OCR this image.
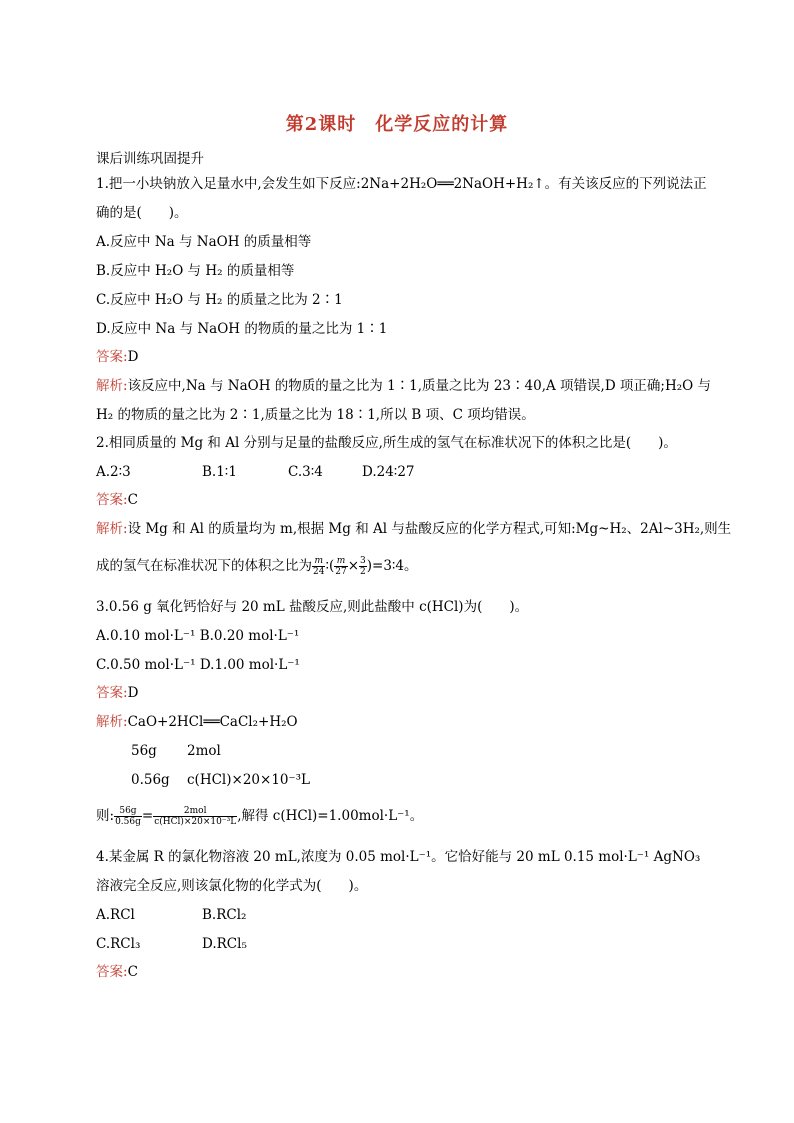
第2课时　化学反应的计算
课后训练巩固提升
1.把一小块钠放入足量水中,会发生如下反应:2Na+2H₂O══2NaOH+H₂↑。有关该反应的下列说法正
确的是(　　)。
A.反应中 Na 与 NaOH 的质量相等
B.反应中 H₂O 与 H₂ 的质量相等
C.反应中 H₂O 与 H₂ 的质量之比为 2∶1
D.反应中 Na 与 NaOH 的物质的量之比为 1∶1
答案:D
解析:该反应中,Na 与 NaOH 的物质的量之比为 1∶1,质量之比为 23∶40,A 项错误,D 项正确;H₂O 与
H₂ 的物质的量之比为 2∶1,质量之比为 18∶1,所以 B 项、C 项均错误。
2.相同质量的 Mg 和 Al 分别与足量的盐酸反应,所生成的氢气在标准状况下的体积之比是(　　)。
A.2∶3	B.1∶1	C.3∶4	D.24∶27
答案:C
解析:设 Mg 和 Al 的质量均为 m,根据 Mg 和 Al 与盐酸反应的化学方程式,可知:Mg~H₂、2Al~3H₂,则生
成的氢气在标准状况下的体积之比为 $\frac{m}{24}$ ∶( $\frac{m}{27} \times \frac{3}{2}$ )=3∶4。
3.0.56 g 氧化钙恰好与 20 mL 盐酸反应,则此盐酸中 c(HCl)为(　　)。
A.0.10 mol·L⁻¹ B.0.20 mol·L⁻¹
C.0.50 mol·L⁻¹ D.1.00 mol·L⁻¹
答案:D
解析:CaO+2HCl══CaCl₂+H₂O
56g 2mol
0.56g c(HCl)×20×10⁻³L
则: $\frac{56g}{0.56g} = \frac{\text{2mol}}{\text{c(HCl)×20×10⁻³L}}$ ,解得 c(HCl)=1.00mol·L⁻¹。
4.某金属 R 的氯化物溶液 20 mL,浓度为 0.05 mol·L⁻¹。它恰好能与 20 mL 0.15 mol·L⁻¹ AgNO₃
溶液完全反应,则该氯化物的化学式为(　　)。
A.RCl	B.RCl₂
C.RCl₃	D.RCl₅
答案:C
